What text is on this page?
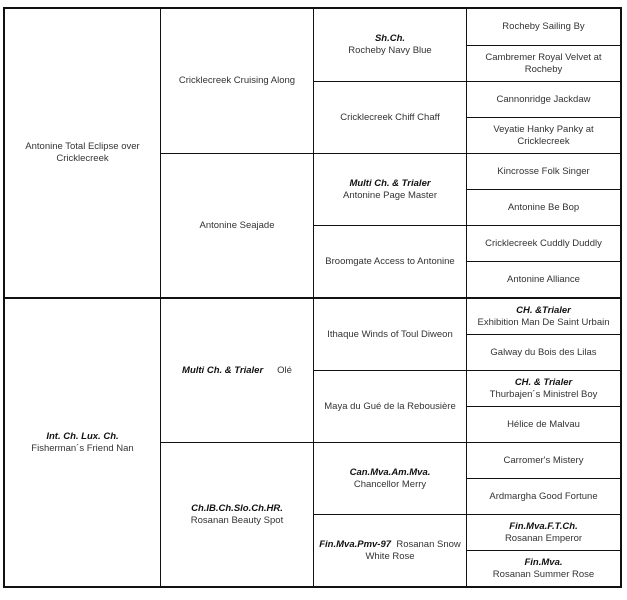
Antonine Total Eclipse over Cricklecreek
Int. Ch. Lux. Ch.
Fisherman´s Friend Nan
Cricklecreek Cruising Along
Antonine Seajade
Multi Ch. & Trialer Olé
Ch.IB.Ch.Slo.Ch.HR.
Rosanan Beauty Spot
Sh.Ch.
Rocheby Navy Blue
Cricklecreek Chiff Chaff
Multi Ch. & Trialer
Antonine Page Master
Broomgate Access to Antonine
Ithaque Winds of Toul Diweon
Maya du Gué de la Rebousière
Can.Mva.Am.Mva.
Chancellor Merry
Fin.Mva.Pmv-97 Rosanan Snow White Rose
Rocheby Sailing By
Cambremer Royal Velvet at Rocheby
Cannonridge Jackdaw
Veyatie Hanky Panky at Cricklecreek
Kincrosse Folk Singer
Antonine Be Bop
Cricklecreek Cuddly Duddly
Antonine Alliance
CH. &Trialer
Exhibition Man De Saint Urbain
Galway du Bois des Lilas
CH. & Trialer
Thurbajen´s Ministrel Boy
Hélice de Malvau
Carromer's Mistery
Ardmargha Good Fortune
Fin.Mva.F.T.Ch.
Rosanan Emperor
Fin.Mva.
Rosanan Summer Rose
